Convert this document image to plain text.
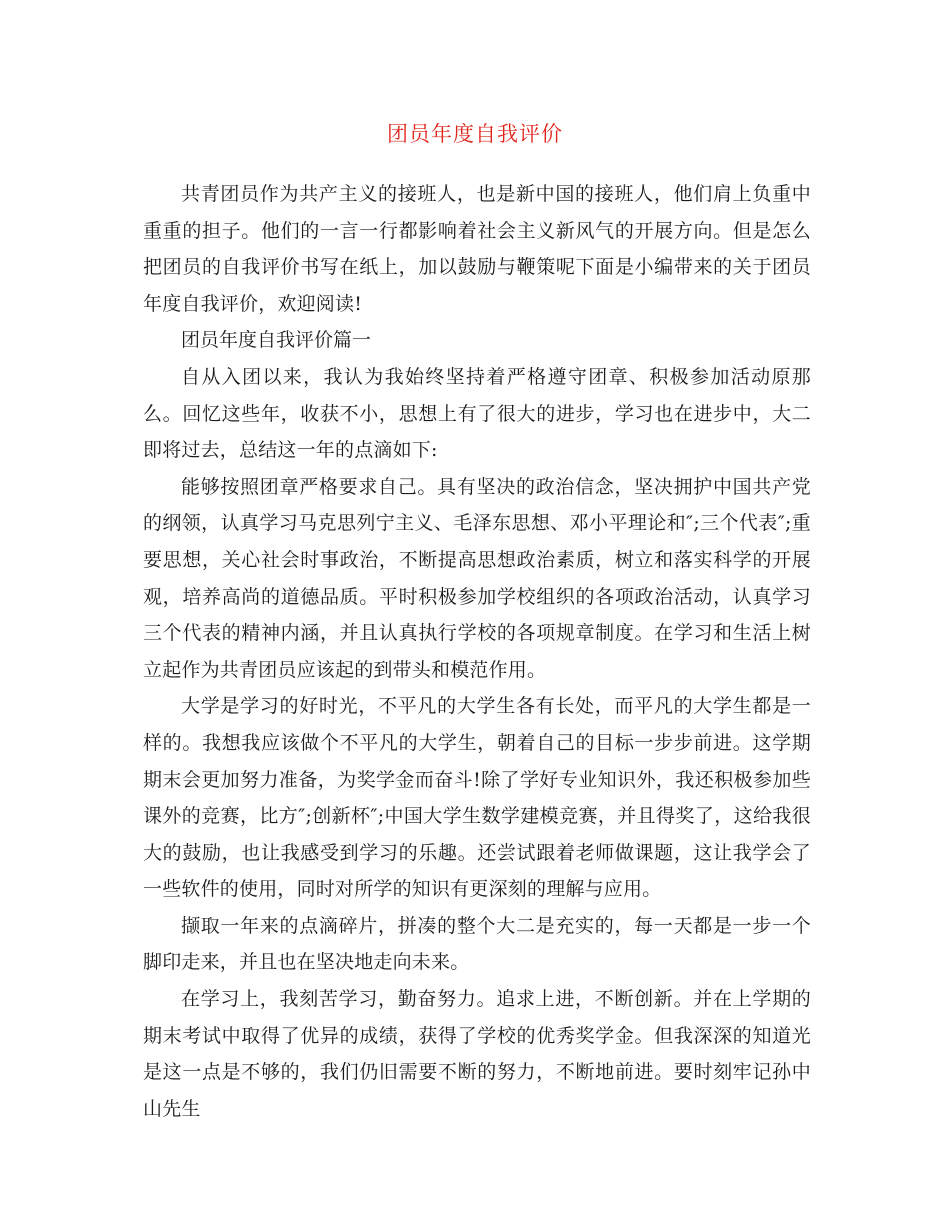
团员年度自我评价

共青团员作为共产主义的接班人，也是新中国的接班人，他们肩上负重中重重的担子。他们的一言一行都影响着社会主义新风气的开展方向。但是怎么把团员的自我评价书写在纸上，加以鼓励与鞭策呢下面是小编带来的关于团员年度自我评价，欢迎阅读!

团员年度自我评价篇一

自从入团以来，我认为我始终坚持着严格遵守团章、积极参加活动原那么。回忆这些年，收获不小，思想上有了很大的进步，学习也在进步中，大二即将过去，总结这一年的点滴如下:

能够按照团章严格要求自己。具有坚决的政治信念，坚决拥护中国共产党的纲领，认真学习马克思列宁主义、毛泽东思想、邓小平理论和″;三个代表″;重要思想，关心社会时事政治，不断提高思想政治素质，树立和落实科学的开展观，培养高尚的道德品质。平时积极参加学校组织的各项政治活动，认真学习三个代表的精神内涵，并且认真执行学校的各项规章制度。在学习和生活上树立起作为共青团员应该起的到带头和模范作用。

大学是学习的好时光，不平凡的大学生各有长处，而平凡的大学生都是一样的。我想我应该做个不平凡的大学生，朝着自己的目标一步步前进。这学期期末会更加努力准备，为奖学金而奋斗!除了学好专业知识外，我还积极参加些课外的竞赛，比方″;创新杯″;中国大学生数学建模竞赛，并且得奖了，这给我很大的鼓励，也让我感受到学习的乐趣。还尝试跟着老师做课题，这让我学会了一些软件的使用，同时对所学的知识有更深刻的理解与应用。

撷取一年来的点滴碎片，拼凑的整个大二是充实的，每一天都是一步一个脚印走来，并且也在坚决地走向未来。

在学习上，我刻苦学习，勤奋努力。追求上进，不断创新。并在上学期的期末考试中取得了优异的成绩，获得了学校的优秀奖学金。但我深深的知道光是这一点是不够的，我们仍旧需要不断的努力，不断地前进。要时刻牢记孙中山先生
